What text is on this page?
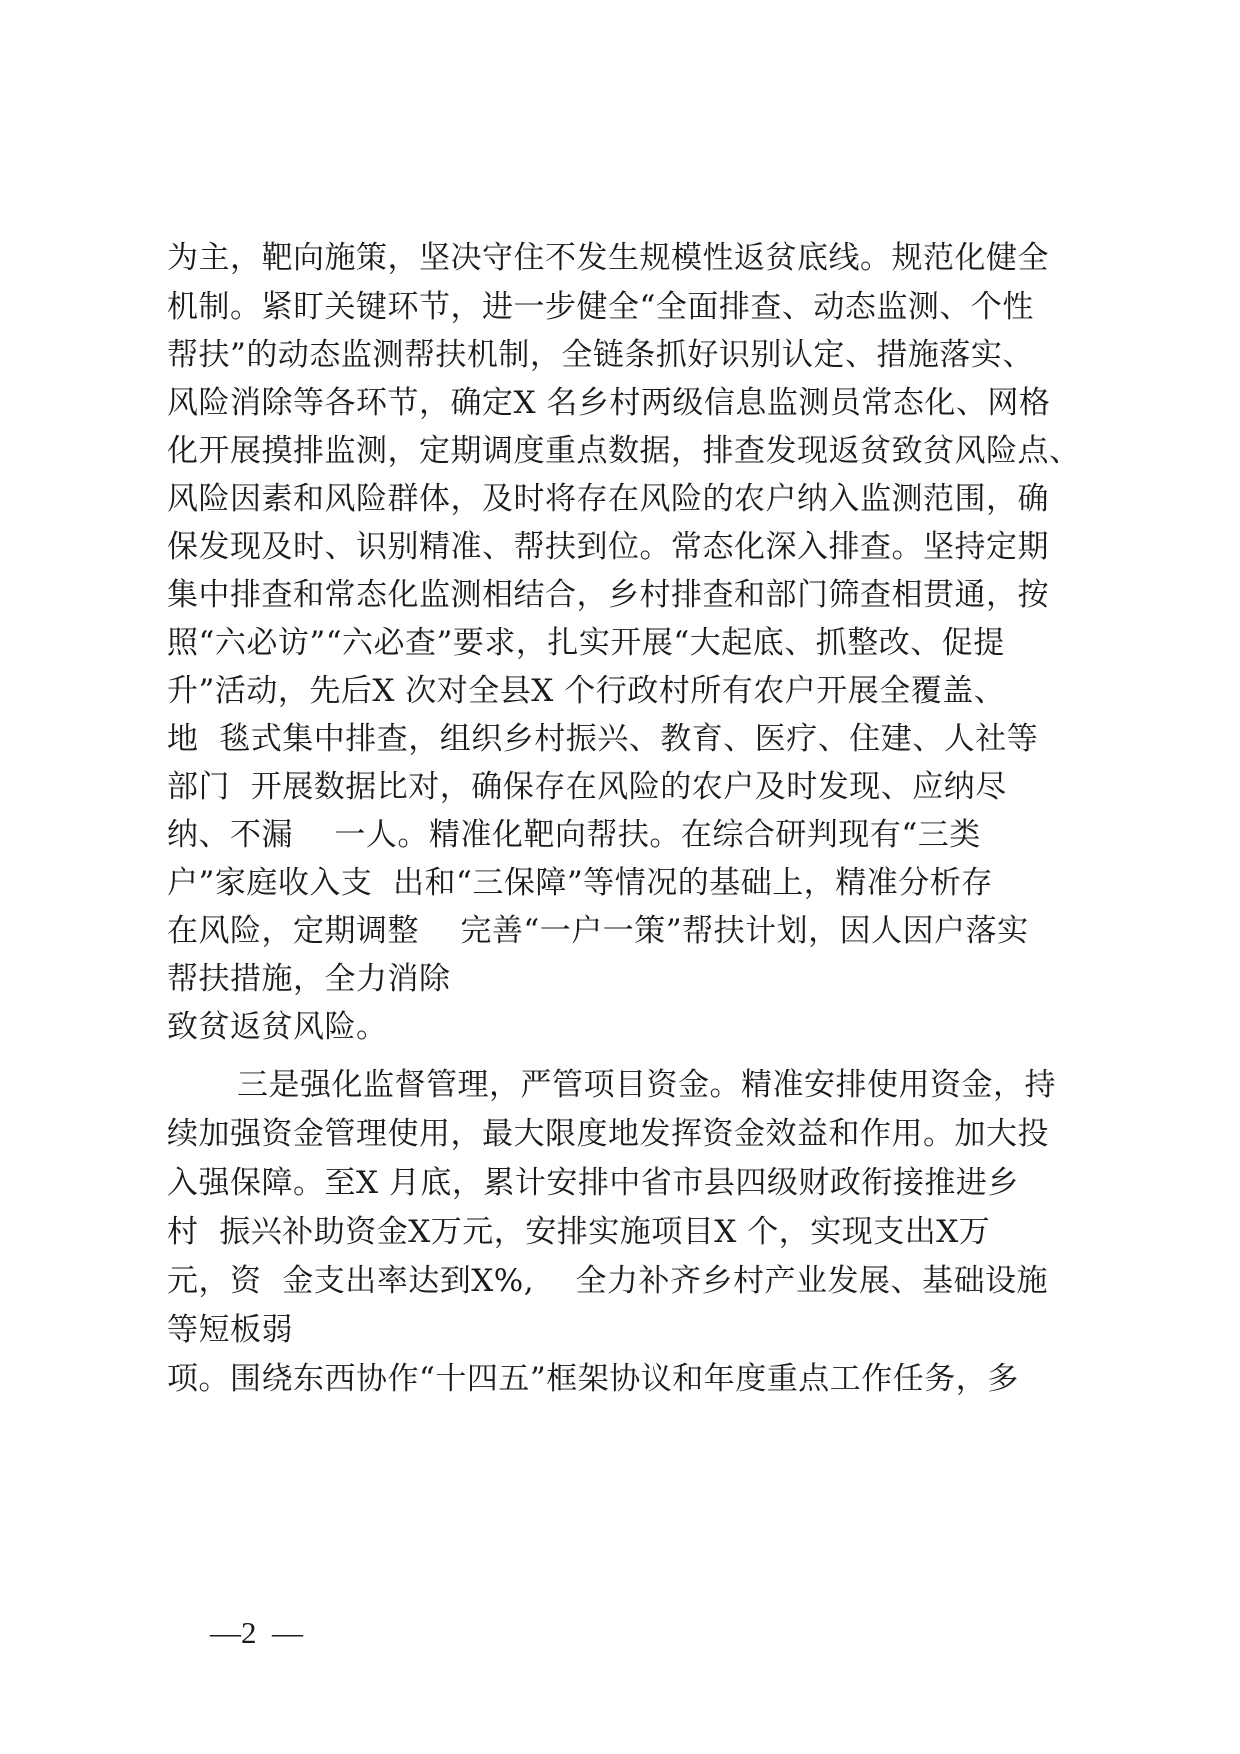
为主，靶向施策，坚决守住不发生规模性返贫底线。规范化健全
机制。紧盯关键环节，进一步健全“全面排查、动态监测、个性
帮扶”的动态监测帮扶机制，全链条抓好识别认定、措施落实、
风险消除等各环节，确定X 名乡村两级信息监测员常态化、网格
化开展摸排监测，定期调度重点数据，排查发现返贫致贫风险点、
风险因素和风险群体，及时将存在风险的农户纳入监测范围，确
保发现及时、识别精准、帮扶到位。常态化深入排查。坚持定期
集中排查和常态化监测相结合，乡村排查和部门筛查相贯通，按
照“六必访”“六必查”要求，扎实开展“大起底、抓整改、促提
升”活动，先后X 次对全县X 个行政村所有农户开展全覆盖、
地  毯式集中排查，组织乡村振兴、教育、医疗、住建、人社等
部门  开展数据比对，确保存在风险的农户及时发现、应纳尽
纳、不漏    一人。精准化靶向帮扶。在综合研判现有“三类
户”家庭收入支  出和“三保障”等情况的基础上，精准分析存
在风险，定期调整    完善“一户一策”帮扶计划，因人因户落实
帮扶措施，全力消除
致贫返贫风险。
三是强化监督管理，严管项目资金。精准安排使用资金，持
续加强资金管理使用，最大限度地发挥资金效益和作用。加大投
入强保障。至X 月底，累计安排中省市县四级财政衔接推进乡
村  振兴补助资金X万元，安排实施项目X 个，实现支出X万
元，资  金支出率达到X%,    全力补齐乡村产业发展、基础设施
等短板弱
项。围绕东西协作“十四五”框架协议和年度重点工作任务，多
—2  —
